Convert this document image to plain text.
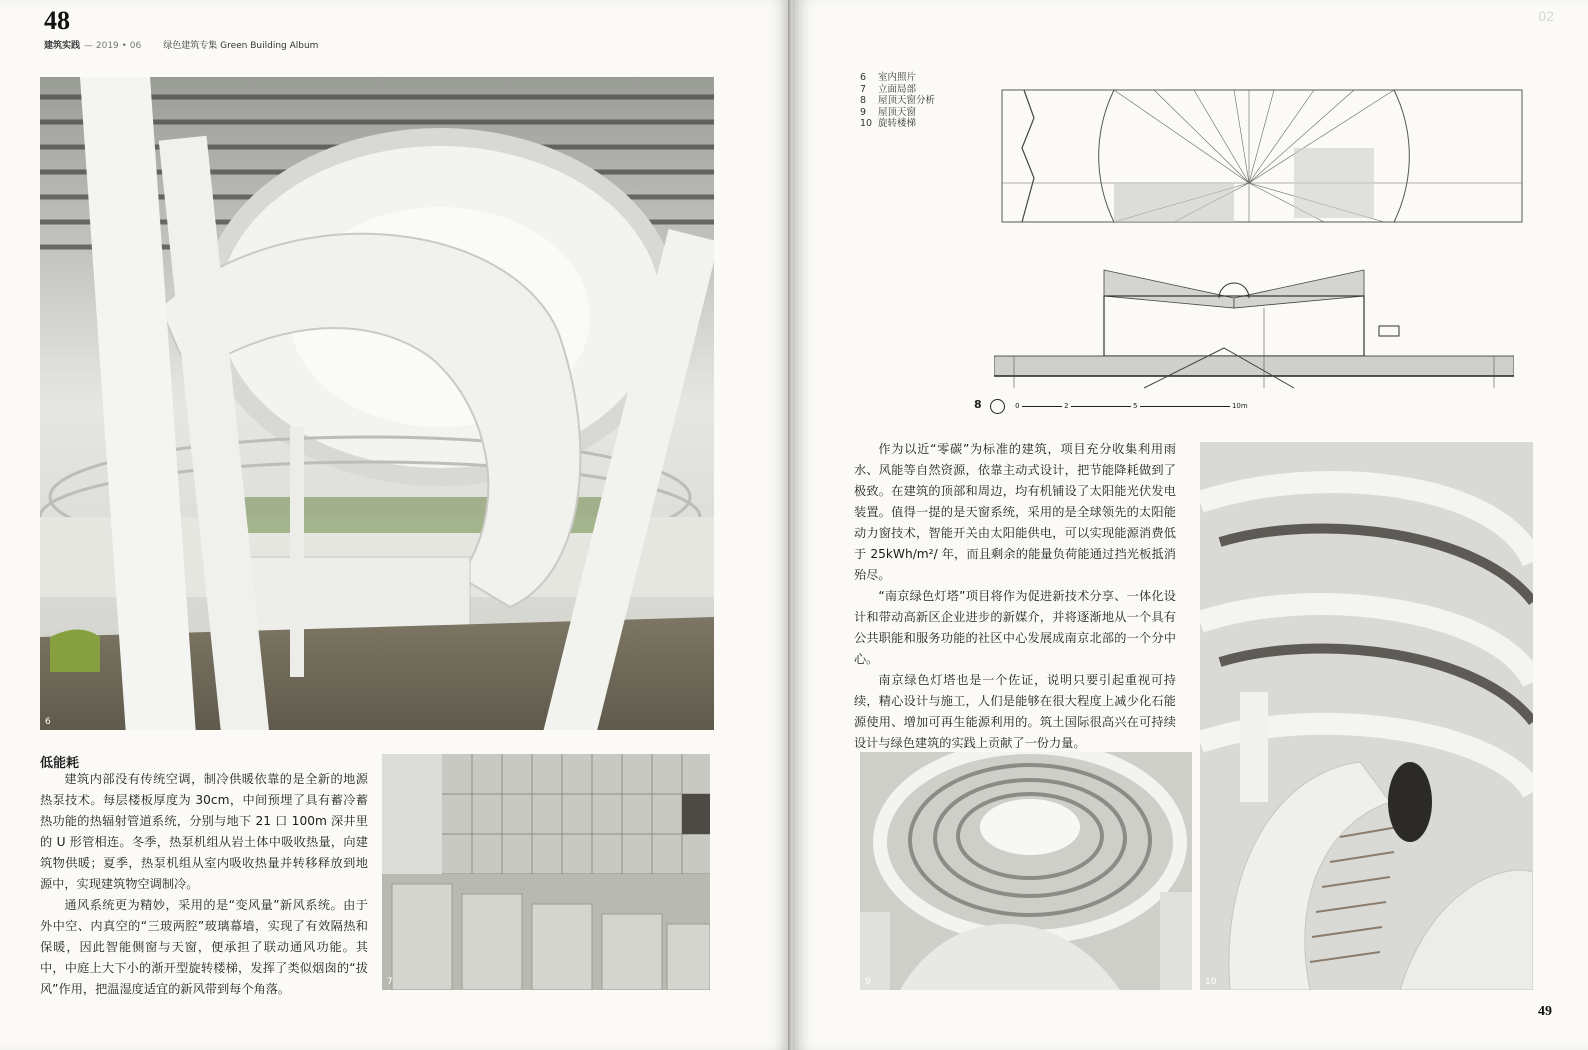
48
建筑实践 — 2019 • 06 绿色建筑专集 Green Building Album
6
低能耗

建筑内部没有传统空调，制冷供暖依靠的是全新的地源热泵技术。每层楼板厚度为 30cm，中间预埋了具有蓄冷蓄热功能的热辐射管道系统，分别与地下 21 口 100m 深井里的 U 形管相连。冬季，热泵机组从岩土体中吸收热量，向建筑物供暖；夏季，热泵机组从室内吸收热量并转移释放到地源中，实现建筑物空调制冷。

通风系统更为精妙，采用的是“变风量”新风系统。由于外中空、内真空的“三玻两腔”玻璃幕墙，实现了有效隔热和保暖，因此智能侧窗与天窗，便承担了联动通风功能。其中，中庭上大下小的渐开型旋转楼梯，发挥了类似烟囱的“拔风”作用，把温湿度适宜的新风带到每个角落。	7
02
6 室内照片
7 立面局部
8 屋顶天窗分析
9 屋顶天窗
10 旋转楼梯
8	0	2	5	10m

作为以近“零碳”为标准的建筑，项目充分收集利用雨水、风能等自然资源，依靠主动式设计，把节能降耗做到了极致。在建筑的顶部和周边，均有机铺设了太阳能光伏发电装置。值得一提的是天窗系统，采用的是全球领先的太阳能动力窗技术，智能开关由太阳能供电，可以实现能源消费低于 25kWh/m²/ 年，而且剩余的能量负荷能通过挡光板抵消殆尽。

“南京绿色灯塔”项目将作为促进新技术分享、一体化设计和带动高新区企业进步的新媒介，并将逐渐地从一个具有公共职能和服务功能的社区中心发展成南京北部的一个分中心。

南京绿色灯塔也是一个佐证，说明只要引起重视可持续，精心设计与施工，人们是能够在很大程度上减少化石能源使用、增加可再生能源利用的。筑土国际很高兴在可持续设计与绿色建筑的实践上贡献了一份力量。

9	10
49
